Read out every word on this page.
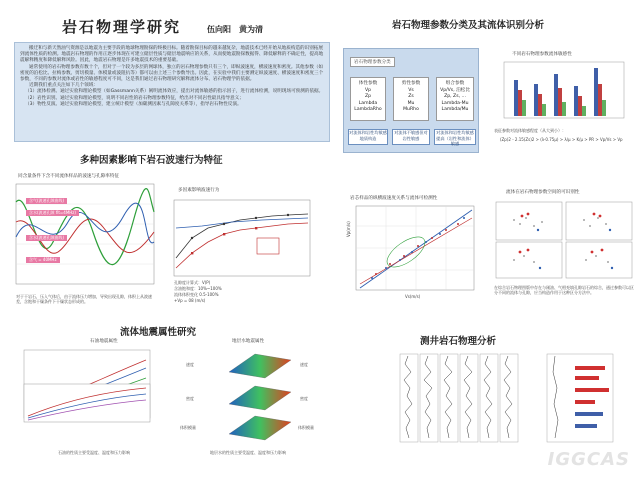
岩石物理学研究	伍向阳　黄为清

搬迁和与新天然油气资源是以地震为主要手段的地球物理勘探的终极目标。随着勘探目标的越来越复杂，地震技术已经开始从地质构造的识别拓展到流体性质的检测。地震岩石物理的作用正逐步体现在可建立储层性质与储层地震响应的关系，从而使地震勘探数据得、降低解释的不确定性，提高地震解释精度和降低解释风险。因此，地震岩石物理是许多地震技术的重要基础。

通常使用的岩石物理参数有数十个，但对于一个较为多层的网球体，独立的岩石物理参数只有三个，即纵波速度，横波速度和密度。其他参数（如密度的泊松比、拉梅参数、剪切模量、体模量或波阻抗等）都可以由上述三个参数导出。因此，在实验中我们主要测定纵波速度、横波速度和密度三个参数，不同的参数对流体或岩性的敏感程度可不同，这是我们通过岩石物理研究解释流体分布、岩石物理学的依据。

近期我们重点关注如下几个领域：

（1）流体检测。通过实验和理论模型（如Gassmann关系）阐明流体效应，提出对流体敏感的指示因子，进行流体检测，说明现场可预测的依据。

（2）岩性识别。通过实验和理论模型，说明不同岩性的岩石物理参数特征，给出对不同岩性最具指导意义；

（3）物性反演。通过实验和理论模型，建立统计模型（加碳测因素与孔隙度关系等），指导岩石物性反演。

多种因素影响下岩石波速行为特征
同含量条件下含不同流体样品的波速与孔隙率特征
含气(波速孔隙曲线)
含水(波速孔隙 fit=4MHz)
含水(波速孔隙曲线)
含气 = 40MHz
对于干岩石，压入气体后，由于流体压力增加，导致出现孔隙，体积上从波速差，含饱和干燥条件下干燥状态形成的。
多因素影响波速行为
孔隙度计算式：V(P)
含油饱和度：10%~100%
流体体积变化 0.5-100%
+Vp = 08 (m/s)
流体地震属性研究
石油地震属性	地层水地震属性
速度
密度
体积模量
速度
密度
体积模量
石油的性质主要受温度、温度和压力影响	地层水的性质主要受温度、温度和压力影响
岩石物理参数分类及其流体识别分析
岩石物理参数分类
体性参数
Vp
Zp
Lambda
LambdaRho
剪性参数
Vs
Zs
Mu
MuRho
组合参数
Vp/Vs, 泊松比
Zp, Zs, ...
Lambda-Mu
Lambda/Mu
对流体和岩性均敏感地质构造
对流体不敏感但对岩性敏感
对流体和岩性均敏感提高（岩性和流体）敏感
不同岩石物理参数流体敏感性
表征参数对流体敏感程度（从大到小）：
(Zp)2 - 2.15(Zs)2 > (λ·0.75μ) > λ/μ > K/μ > PR > Vp/Vs > Vp
岩芯样品的纵横波速度关系与流体可检测性
Vp(m/s)
Vs(m/s)
流体在岩石物理参数空间的可识别性
在综合岩石物理图版中存在与刚油、气相充填孔隙岩石的综合，通过参数可以区分不同的流体与孔隙，应当构造作用于这种区分方法中。
测井岩石物理分析
IGGCAS
